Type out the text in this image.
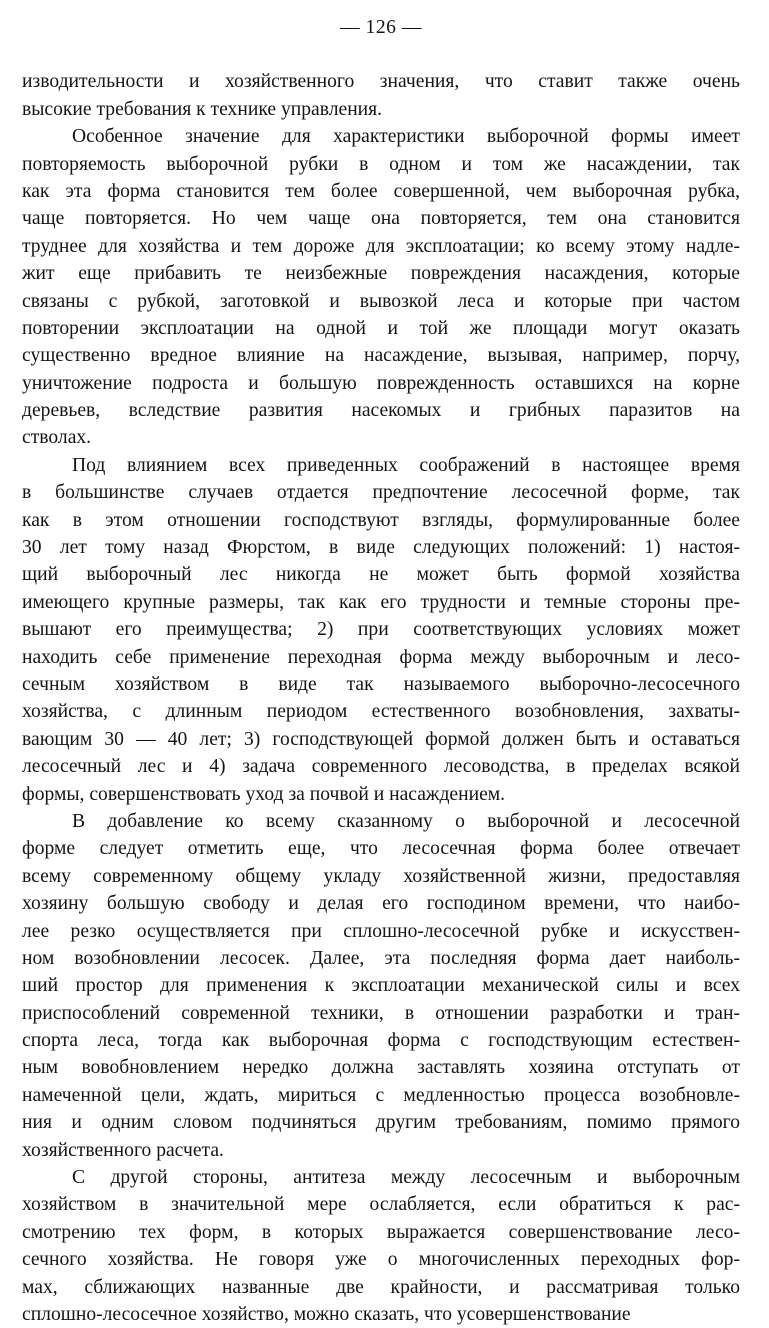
— 126 —
изводительности и хозяйственного значения, что ставит также очень
высокие требования к технике управления.
Особенное значение для характеристики выборочной формы имеет
повторяемость выборочной рубки в одном и том же насаждении, так
как эта форма становится тем более совершенной, чем выборочная рубка,
чаще повторяется. Но чем чаще она повторяется, тем она становится
труднее для хозяйства и тем дороже для эксплоатации; ко всему этому надле-
жит еще прибавить те неизбежные повреждения насаждения, которые
связаны с рубкой, заготовкой и вывозкой леса и которые при частом
повторении эксплоатации на одной и той же площади могут оказать
существенно вредное влияние на насаждение, вызывая, например, порчу,
уничтожение подроста и большую поврежденность оставшихся на корне
деревьев, вследствие развития насекомых и грибных паразитов на
стволах.
Под влиянием всех приведенных соображений в настоящее время
в большинстве случаев отдается предпочтение лесосечной форме, так
как в этом отношении господствуют взгляды, формулированные более
30 лет тому назад Фюрстом, в виде следующих положений: 1) настоя-
щий выборочный лес никогда не может быть формой хозяйства
имеющего крупные размеры, так как его трудности и темные стороны пре-
вышают его преимущества; 2) при соответствующих условиях может
находить себе применение переходная форма между выборочным и лесо-
сечным хозяйством в виде так называемого выборочно-лесосечного
хозяйства, с длинным периодом естественного возобновления, захваты-
вающим 30 — 40 лет; 3) господствующей формой должен быть и оставаться
лесосечный лес и 4) задача современного лесоводства, в пределах всякой
формы, совершенствовать уход за почвой и насаждением.
В добавление ко всему сказанному о выборочной и лесосечной
форме следует отметить еще, что лесосечная форма более отвечает
всему современному общему укладу хозяйственной жизни, предоставляя
хозяину большую свободу и делая его господином времени, что наибо-
лее резко осуществляется при сплошно-лесосечной рубке и искусствен-
ном возобновлении лесосек. Далее, эта последняя форма дает наиболь-
ший простор для применения к эксплоатации механической силы и всех
приспособлений современной техники, в отношении разработки и тран-
спорта леса, тогда как выборочная форма с господствующим естествен-
ным вовобновлением нередко должна заставлять хозяина отступать от
намеченной цели, ждать, мириться с медленностью процесса возобновле-
ния и одним словом подчиняться другим требованиям, помимо прямого
хозяйственного расчета.
С другой стороны, антитеза между лесосечным и выборочным
хозяйством в значительной мере ослабляется, если обратиться к рас-
смотрению тех форм, в которых выражается совершенствование лесо-
сечного хозяйства. Не говоря уже о многочисленных переходных фор-
мах, сближающих названные две крайности, и рассматривая только
сплошно-лесосечное хозяйство, можно сказать, что усовершенствование
